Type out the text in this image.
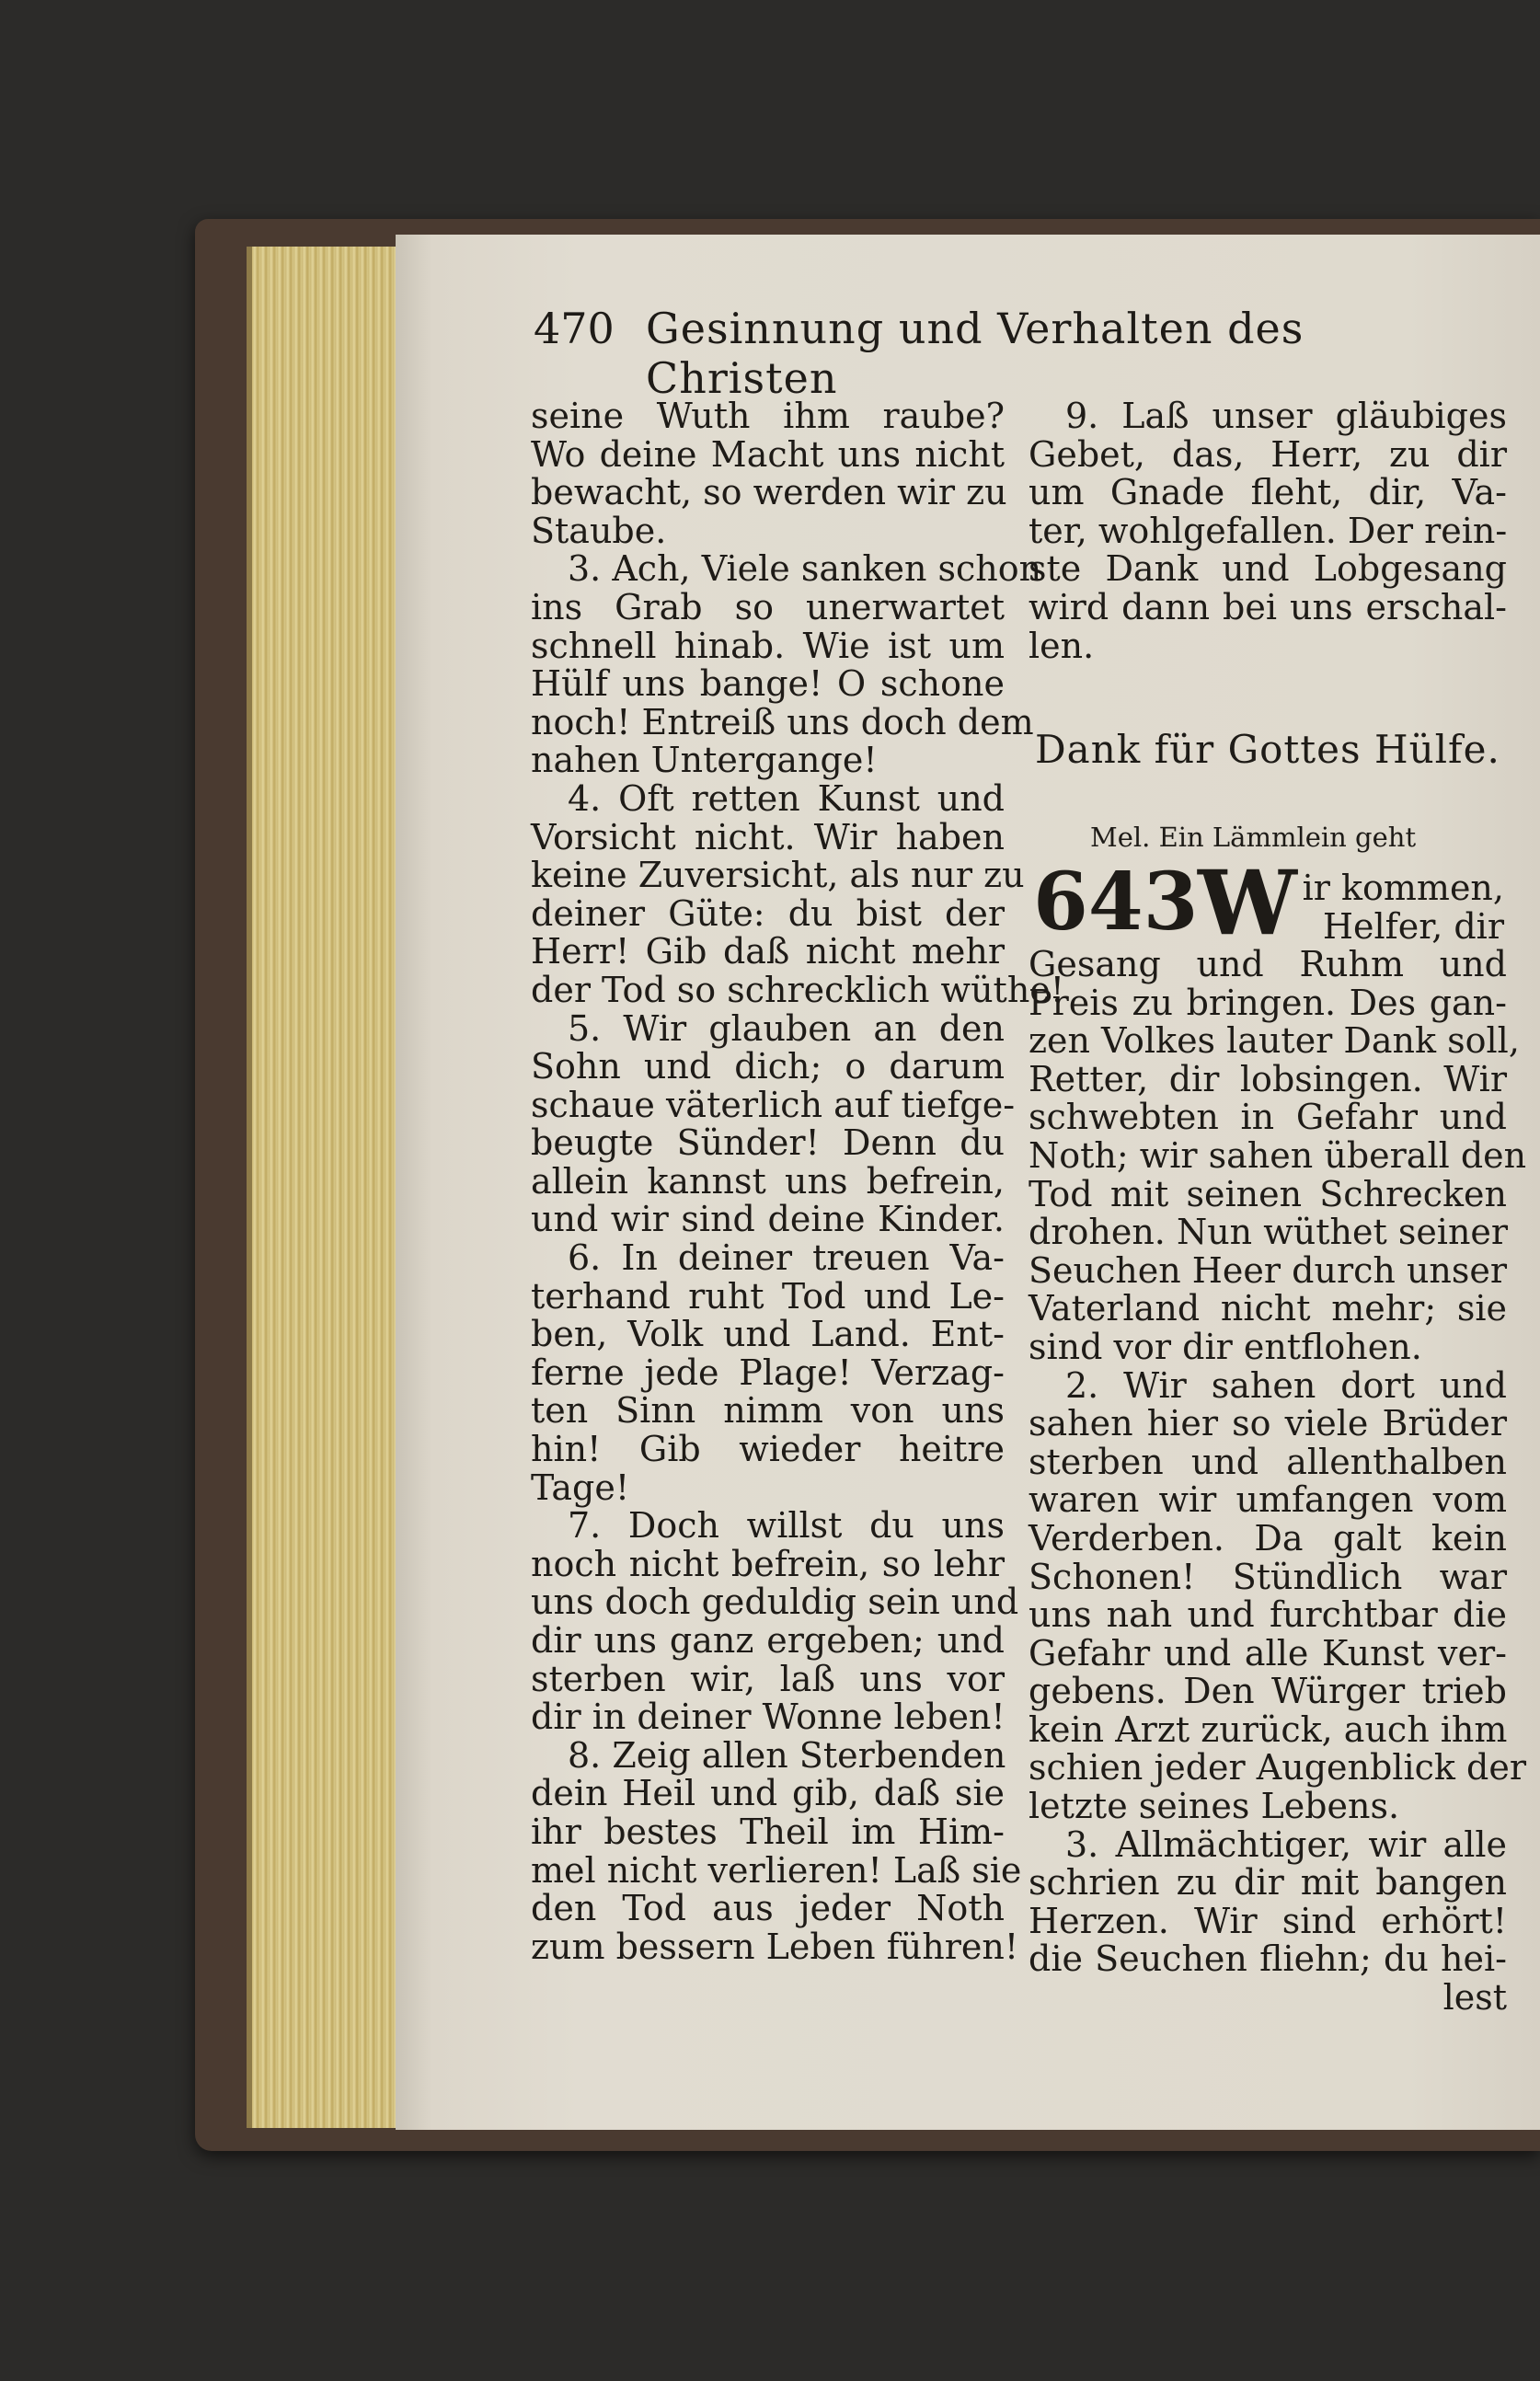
470 Gesinnung und Verhalten des Christen
seine Wuth ihm raube?
Wo deine Macht uns nicht
bewacht, so werden wir zu
Staube.
3. Ach, Viele sanken schon
ins Grab so unerwartet
schnell hinab. Wie ist um
Hülf uns bange! O schone
noch! Entreiß uns doch dem
nahen Untergange!
4. Oft retten Kunst und
Vorsicht nicht. Wir haben
keine Zuversicht, als nur zu
deiner Güte: du bist der
Herr! Gib daß nicht mehr
der Tod so schrecklich wüthe!
5. Wir glauben an den
Sohn und dich; o darum
schaue väterlich auf tiefge-
beugte Sünder! Denn du
allein kannst uns befrein,
und wir sind deine Kinder.
6. In deiner treuen Va-
terhand ruht Tod und Le-
ben, Volk und Land. Ent-
ferne jede Plage! Verzag-
ten Sinn nimm von uns
hin! Gib wieder heitre
Tage!
7. Doch willst du uns
noch nicht befrein, so lehr
uns doch geduldig sein und
dir uns ganz ergeben; und
sterben wir, laß uns vor
dir in deiner Wonne leben!
8. Zeig allen Sterbenden
dein Heil und gib, daß sie
ihr bestes Theil im Him-
mel nicht verlieren! Laß sie
den Tod aus jeder Noth
zum bessern Leben führen!
9. Laß unser gläubiges
Gebet, das, Herr, zu dir
um Gnade fleht, dir, Va-
ter, wohlgefallen. Der rein-
ste Dank und Lobgesang
wird dann bei uns erschal-
len.
Dank für Gottes Hülfe.
Mel. Ein Lämmlein geht
643 W ir kommen,
Helfer, dir
Gesang und Ruhm und
Preis zu bringen. Des gan-
zen Volkes lauter Dank soll,
Retter, dir lobsingen. Wir
schwebten in Gefahr und
Noth; wir sahen überall den
Tod mit seinen Schrecken
drohen. Nun wüthet seiner
Seuchen Heer durch unser
Vaterland nicht mehr; sie
sind vor dir entflohen.
2. Wir sahen dort und
sahen hier so viele Brüder
sterben und allenthalben
waren wir umfangen vom
Verderben. Da galt kein
Schonen! Stündlich war
uns nah und furchtbar die
Gefahr und alle Kunst ver-
gebens. Den Würger trieb
kein Arzt zurück, auch ihm
schien jeder Augenblick der
letzte seines Lebens.
3. Allmächtiger, wir alle
schrien zu dir mit bangen
Herzen. Wir sind erhört!
die Seuchen fliehn; du hei-
lest
